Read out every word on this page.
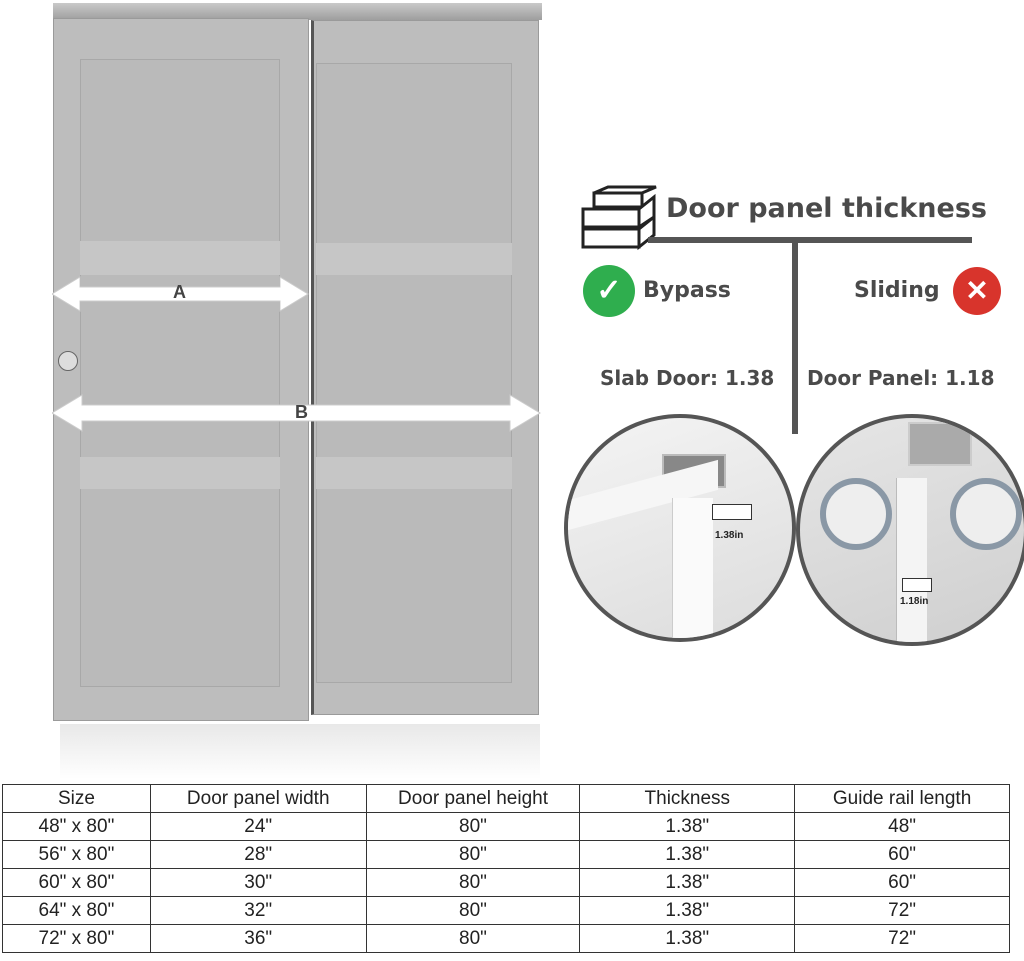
A
B
Door panel thickness
✓ Bypass	Sliding ✕
Slab Door: 1.38 Door Panel: 1.18
1.38in
1.18in
Size	Door panel width	Door panel height	Thickness	Guide rail length
48" x 80"	24"	80"	1.38"	48"
56" x 80"	28"	80"	1.38"	60"
60" x 80"	30"	80"	1.38"	60"
64" x 80"	32"	80"	1.38"	72"
72" x 80"	36"	80"	1.38"	72"
